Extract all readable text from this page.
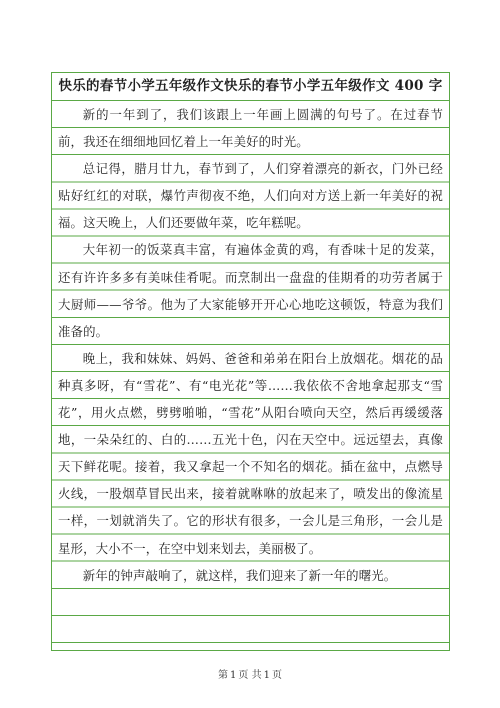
快乐的春节小学五年级作文快乐的春节小学五年级作文 400 字

新的一年到了，我们该跟上一年画上圆满的句号了。在过春节前，我还在细细地回忆着上一年美好的时光。

总记得，腊月廿九，春节到了，人们穿着漂亮的新衣，门外已经贴好红红的对联，爆竹声彻夜不绝，人们向对方送上新一年美好的祝福。这天晚上，人们还要做年菜，吃年糕呢。

大年初一的饭菜真丰富，有遍体金黄的鸡，有香味十足的发菜，还有许许多多有美味佳肴呢。而烹制出一盘盘的佳期肴的功劳者属于大厨师——爷爷。他为了大家能够开开心心地吃这顿饭，特意为我们准备的。

晚上，我和妹妹、妈妈、爸爸和弟弟在阳台上放烟花。烟花的品种真多呀，有“雪花”、有“电光花”等……我依依不舍地拿起那支“雪花”，用火点燃，劈劈啪啪，“雪花”从阳台喷向天空，然后再缓缓落地，一朵朵红的、白的……五光十色，闪在天空中。远远望去，真像天下鲜花呢。接着，我又拿起一个不知名的烟花。插在盆中，点燃导火线，一股烟草冒民出来，接着就咻咻的放起来了，喷发出的像流星一样，一划就消失了。它的形状有很多，一会儿是三角形，一会儿是星形，大小不一，在空中划来划去，美丽极了。

新年的钟声敲响了，就这样，我们迎来了新一年的曙光。

第 1 页 共 1 页
